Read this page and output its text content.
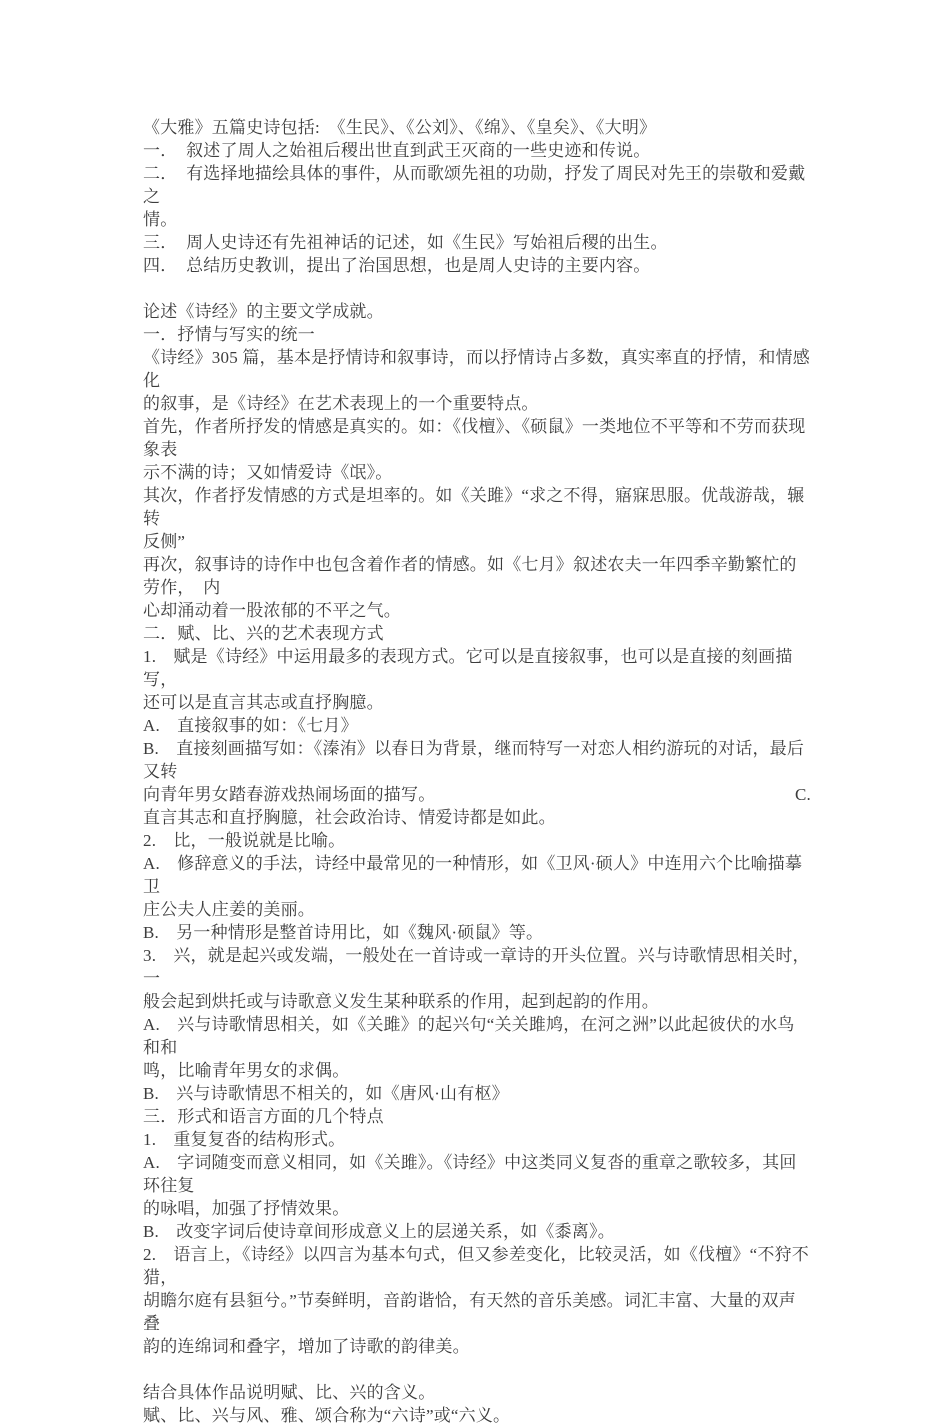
《大雅》五篇史诗包括:　《生民》、《公刘》、《绵》、《皇矣》、《大明》
一．　叙述了周人之始祖后稷出世直到武王灭商的一些史迹和传说。
二．　有选择地描绘具体的事件，从而歌颂先祖的功勋，抒发了周民对先王的崇敬和爱戴之
情。
三．　周人史诗还有先祖神话的记述，如《生民》写始祖后稷的出生。
四．　总结历史教训，提出了治国思想，也是周人史诗的主要内容。
论述《诗经》的主要文学成就。
一．抒情与写实的统一
《诗经》305 篇，基本是抒情诗和叙事诗，而以抒情诗占多数，真实率直的抒情，和情感化
的叙事，是《诗经》在艺术表现上的一个重要特点。
首先，作者所抒发的情感是真实的。如：《伐檀》、《硕鼠》一类地位不平等和不劳而获现象表
示不满的诗；又如情爱诗《氓》。
其次，作者抒发情感的方式是坦率的。如《关雎》“求之不得，寤寐思服。优哉游哉，辗转
反侧”
再次，叙事诗的诗作中也包含着作者的情感。如《七月》叙述农夫一年四季辛勤繁忙的劳作，　内
心却涌动着一股浓郁的不平之气。
二．赋、比、兴的艺术表现方式
1.　赋是《诗经》中运用最多的表现方式。它可以是直接叙事，也可以是直接的刻画描写，
还可以是直言其志或直抒胸臆。
A.　直接叙事的如：《七月》
B.　直接刻画描写如：《溱洧》以春日为背景，继而特写一对恋人相约游玩的对话，最后又转
向青年男女踏春游戏热闹场面的描写。	C.
直言其志和直抒胸臆，社会政治诗、情爱诗都是如此。
2.　比，一般说就是比喻。
A.　修辞意义的手法，诗经中最常见的一种情形，如《卫风·硕人》中连用六个比喻描摹卫
庄公夫人庄姜的美丽。
B.　另一种情形是整首诗用比，如《魏风·硕鼠》等。
3.　兴，就是起兴或发端，一般处在一首诗或一章诗的开头位置。兴与诗歌情思相关时，一
般会起到烘托或与诗歌意义发生某种联系的作用，起到起韵的作用。
A.　兴与诗歌情思相关，如《关雎》的起兴句“关关雎鸠，在河之洲”以此起彼伏的水鸟和和
鸣，比喻青年男女的求偶。
B.　兴与诗歌情思不相关的，如《唐风·山有枢》
三．形式和语言方面的几个特点
1.　重复复沓的结构形式。
A.　字词随变而意义相同，如《关雎》。《诗经》中这类同义复沓的重章之歌较多，其回环往复
的咏唱，加强了抒情效果。
B.　改变字词后使诗章间形成意义上的层递关系，如《黍离》。
2.　语言上，《诗经》以四言为基本句式，但又参差变化，比较灵活，如《伐檀》“不狩不猎，
胡瞻尔庭有县貆兮。”节奏鲜明，音韵谐恰，有天然的音乐美感。词汇丰富、大量的双声叠
韵的连绵词和叠字，增加了诗歌的韵律美。
结合具体作品说明赋、比、兴的含义。
赋、比、兴与风、雅、颂合称为“六诗”或“六义。
